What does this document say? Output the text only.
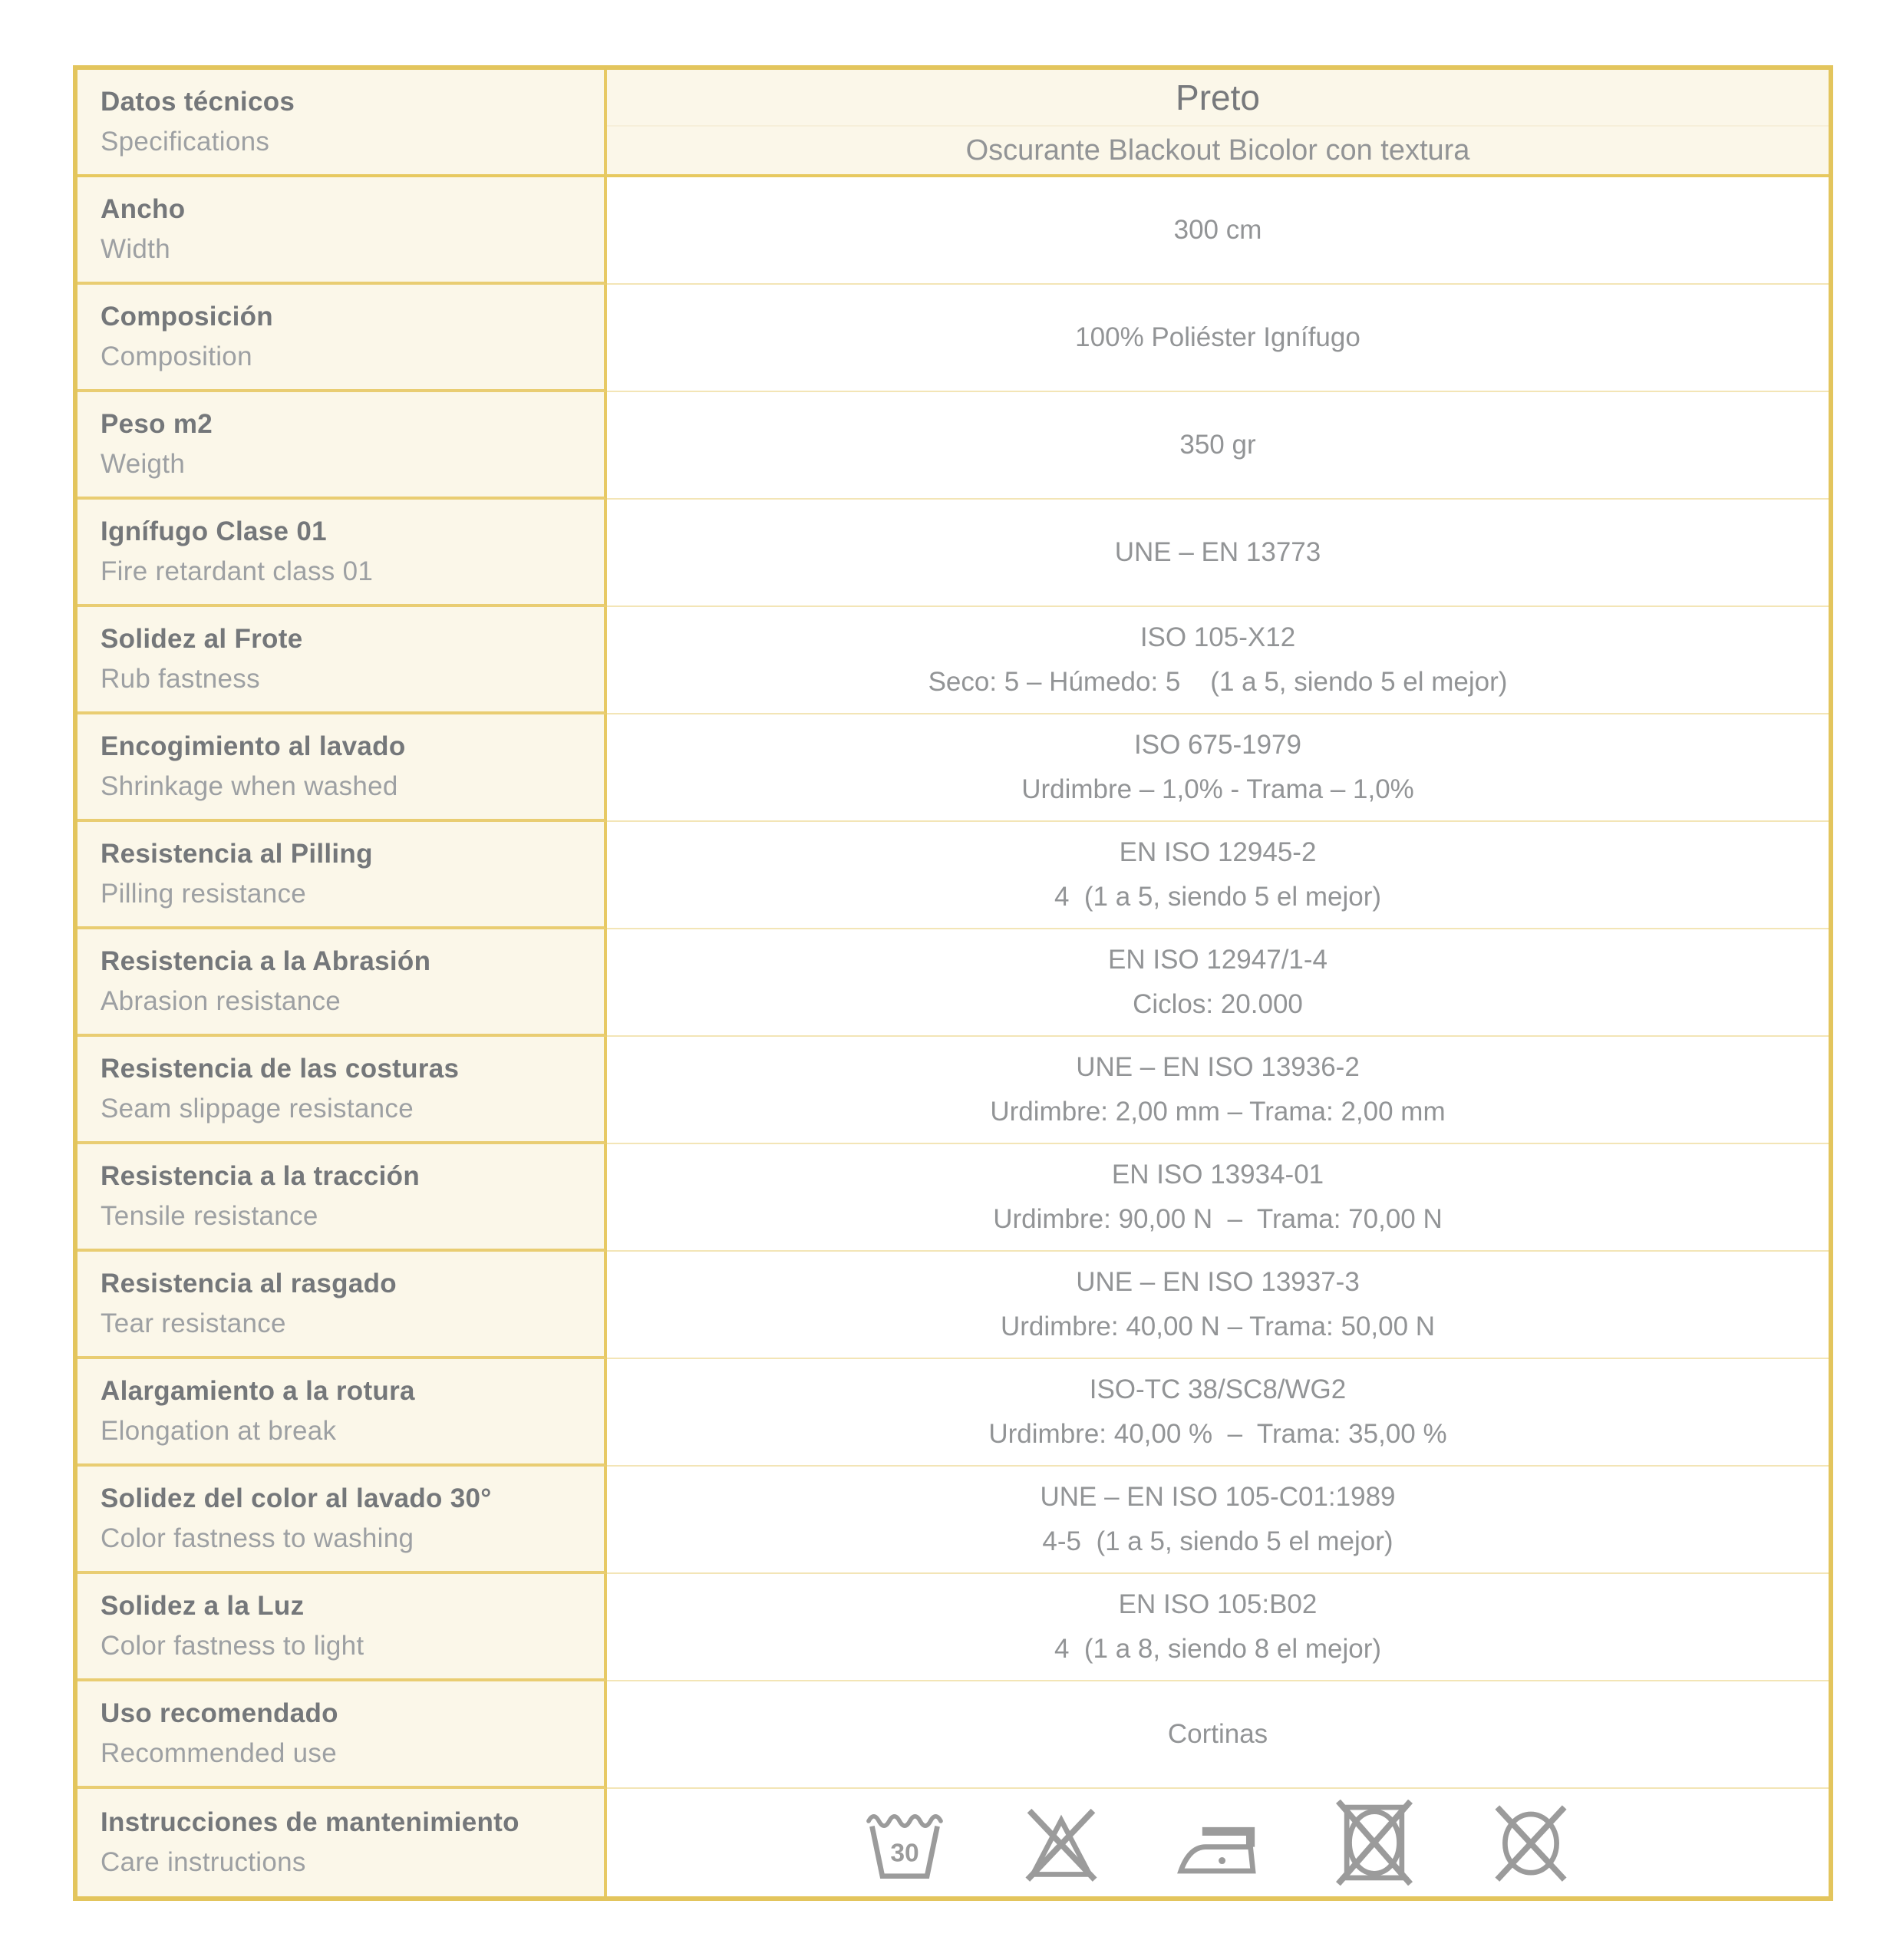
Datos técnicos
Specifications
Preto
Oscurante Blackout Bicolor con textura
Ancho
Width
300 cm
Composición
Composition
100% Poliéster Ignífugo
Peso m2
Weigth
350 gr
Ignífugo Clase 01
Fire retardant class 01
UNE – EN 13773
Solidez al Frote
Rub fastness
ISO 105-X12
Seco: 5 – Húmedo: 5    (1 a 5, siendo 5 el mejor)
Encogimiento al lavado
Shrinkage when washed
ISO 675-1979
Urdimbre – 1,0% - Trama – 1,0%
Resistencia al Pilling
Pilling resistance
EN ISO 12945-2
4  (1 a 5, siendo 5 el mejor)
Resistencia a la Abrasión
Abrasion resistance
EN ISO 12947/1-4
Ciclos: 20.000
Resistencia de las costuras
Seam slippage resistance
UNE – EN ISO 13936-2
Urdimbre: 2,00 mm – Trama: 2,00 mm
Resistencia a la tracción
Tensile resistance
EN ISO 13934-01
Urdimbre: 90,00 N  –  Trama: 70,00 N
Resistencia al rasgado
Tear resistance
UNE – EN ISO 13937-3
Urdimbre: 40,00 N – Trama: 50,00 N
Alargamiento a la rotura
Elongation at break
ISO-TC 38/SC8/WG2
Urdimbre: 40,00 %  –  Trama: 35,00 %
Solidez del color al lavado 30°
Color fastness to washing
UNE – EN ISO 105-C01:1989
4-5  (1 a 5, siendo 5 el mejor)
Solidez a la Luz
Color fastness to light
EN ISO 105:B02
4  (1 a 8, siendo 8 el mejor)
Uso recomendado
Recommended use
Cortinas
Instrucciones de mantenimiento
Care instructions	30
